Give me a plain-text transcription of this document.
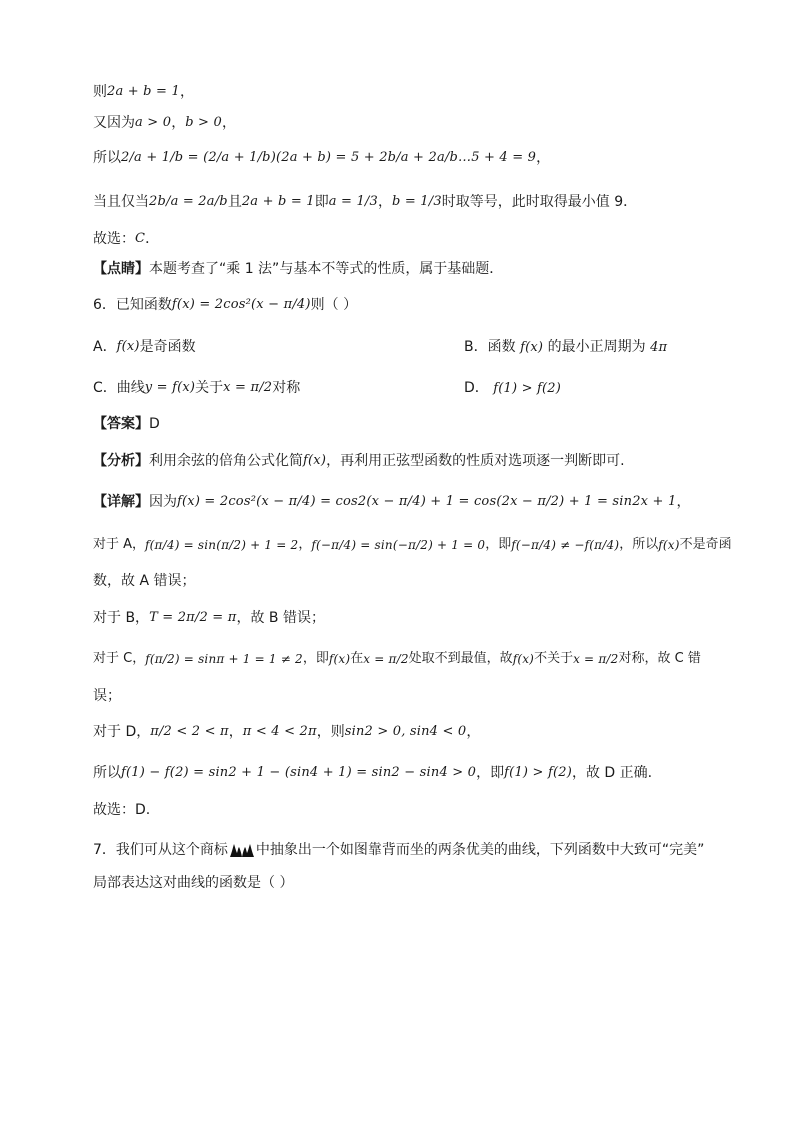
则 2a + b = 1 ，
又因为 a > 0 ， b > 0 ，
所以 2/a + 1/b = (2/a + 1/b)(2a + b) = 5 + 2b/a + 2a/b…5 + 4 = 9 ，
当且仅当 2b/a = 2a/b 且 2a + b = 1 即 a = 1/3 ， b = 1/3 时取等号，此时取得最小值 9．
故选： C ．
【点睛】 本题考查了“乘 1 法”与基本不等式的性质，属于基础题．
6．已知函数 f(x) = 2cos²(x − π/4) 则（ ）
A． f(x) 是奇函数	B．函数 f(x) 的最小正周期为 4π
C．曲线 y = f(x) 关于 x = π/2 对称	D． f(1) > f(2)
【答案】 D
【分析】 利用余弦的倍角公式化简 f(x) ，再利用正弦型函数的性质对选项逐一判断即可.
【详解】 因为 f(x) = 2cos²(x − π/4) = cos2(x − π/4) + 1 = cos(2x − π/2) + 1 = sin2x + 1 ，
对于 A， f(π/4) = sin(π/2) + 1 = 2 ， f(−π/4) = sin(−π/2) + 1 = 0 ，即 f(−π/4) ≠ −f(π/4) ，所以 f(x) 不是奇函
数，故 A 错误；
对于 B， T = 2π/2 = π ，故 B 错误；
对于 C， f(π/2) = sinπ + 1 = 1 ≠ 2 ，即 f(x) 在 x = π/2 处取不到最值，故 f(x) 不关于 x = π/2 对称，故 C 错
误；
对于 D， π/2 < 2 < π ， π < 4 < 2π ，则 sin2 > 0, sin4 < 0 ，
所以 f(1) − f(2) = sin2 + 1 − (sin4 + 1) = sin2 − sin4 > 0 ，即 f(1) > f(2) ，故 D 正确.
故选：D.
7．我们可从这个商标 中抽象出一个如图靠背而坐的两条优美的曲线，下列函数中大致可“完美”
局部表达这对曲线的函数是（ ）
